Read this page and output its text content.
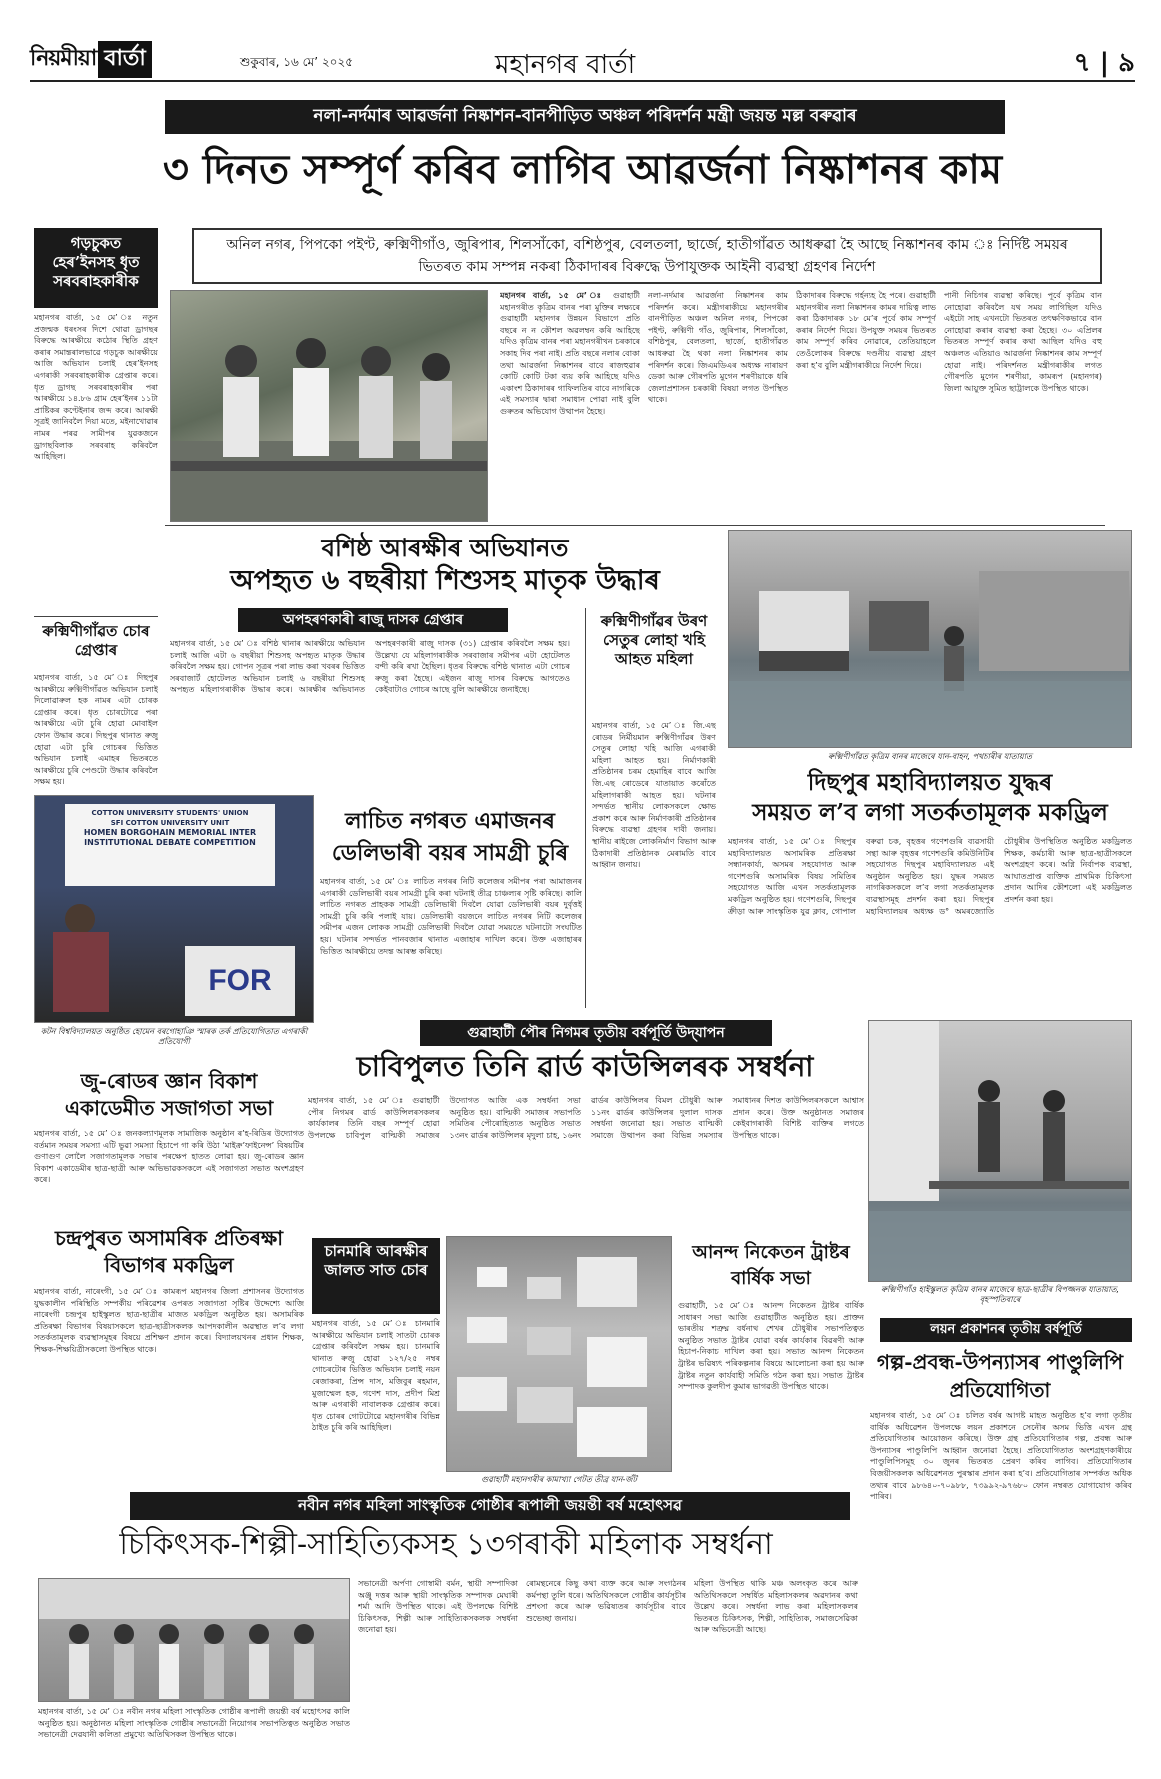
নিয়মীয়া বাৰ্তা	শুকুবাৰ, ১৬ মে’ ২০২৫	মহানগৰ বাৰ্তা	৭ | ৯
নলা-নৰ্দমাৰ আৱৰ্জনা নিষ্কাশন-বানপীড়িত অঞ্চল পৰিদৰ্শন মন্ত্ৰী জয়ন্ত মল্ল বৰুৱাৰ
৩ দিনত সম্পূৰ্ণ কৰিব লাগিব আৱৰ্জনা নিষ্কাশনৰ কাম
গড়চুকত হেৰ’ইনসহ ধৃত সৰবৰাহকাৰীক
মহানগৰ বাৰ্তা, ১৫ মে’ ঃ নতুন প্ৰজন্মক ধৰংসৰ দিশে থোৱা ড্ৰাগছৰ বিৰুদ্ধে আৰক্ষীয়ে কঠোৰ স্থিতি গ্ৰহণ কৰাৰ সমান্তৰালভাৱে গড়চুক আৰক্ষীয়ে আজি অভিযান চলাই হেৰ’ইনসহ এগৰাকী সৰবৰাহকাৰীক গ্ৰেপ্তাৰ কৰে। ধৃত ড্ৰাগছ সৰবৰাহকাৰীৰ পৰা আৰক্ষীয়ে ১৪.৮৬ গ্ৰাম হেৰ’ইনৰ ১১টা প্ৰাষ্টিকৰ কণ্টেইনাৰ জব্দ কৰে। আৰক্ষী সূত্ৰই জানিবলৈ দিয়া মতে, মইনাখোৱাৰ নামৰ পৰৱ সামীপৰ যুৱকজনে ড্ৰাগছবিলাক সৰবৰাহ কৰিবলৈ আহিছিল।
ৰুক্মিণীগাঁৱত চোৰ গ্ৰেপ্তাৰ
মহানগৰ বাৰ্তা, ১৫ মে’ ঃ দিছপুৰ আৰক্ষীয়ে ৰুক্মিণীগাঁৱত অভিযান চলাই দিলোৱাৰুল হক নামৰ এটা চোৰক গ্ৰেপ্তাৰ কৰে। ধৃত চোৰটোৱে পৰা আৰক্ষীয়ে এটা চুৰি হোৱা মোবাইল ফোন উদ্ধাৰ কৰে। দিছপুৰ থানাত ৰুজু হোৱা এটা চুৰি গোচৰৰ ভিত্তিত অভিযান চলাই এমাহৰ ভিতৰতে আৰক্ষীয়ে চুৰি পেণ্ডটো উদ্ধাৰ কৰিবলৈ সক্ষম হয়।
অনিল নগৰ, পিপকো পইণ্ট, ৰুক্মিণীগাঁও, জুৰিপাৰ, শিলসাঁকো, বশিষ্ঠপুৰ, বেলতলা, ছাৰ্জে, হাতীগাঁৱত আধৰুৱা হৈ আছে নিষ্কাশনৰ কাম ঃ নিৰ্দিষ্ট সময়ৰ ভিতৰত কাম সম্পন্ন নকৰা ঠিকাদাৰৰ বিৰুদ্ধে উপাযুক্তক আইনী ব্যৱস্থা গ্ৰহণৰ নিৰ্দেশ
মহানগৰ বাৰ্তা, ১৫ মে’ ঃ গুৱাহাটী মহানগৰীত কৃত্ৰিম বানৰ পৰা মুক্তিৰ লক্ষ্যৰে গুৱাহাটী মহানগৰ উন্নয়ন বিভাগে প্ৰতি বছৰে ন ন কৌশল অৱলম্বন কৰি আহিছে যদিও কৃত্ৰিম বানৰ পৰা মহানগৰীখন চৰকাৰে সকাহ দিব পৰা নাই। প্ৰতি বছৰে নলাৰ বোকা তথা আৱৰ্জনা নিষ্কাশনৰ বাবে ৰাজহুৱাৰ কোটি কোটি টকা ব্যয় কৰি আহিছে যদিও একাংশ ঠিকাদাৰৰ গাফিলতিৰ বাবে নাগৰিকে এই সমস্যাৰ দ্বাৰা সমাধান পোৱা নাই বুলি গুৰুতৰ অভিযোগ উত্থাপন হৈছে।
নলা-নৰ্দমাৰ আৱৰ্জনা নিষ্কাশনৰ কাম পৰিদৰ্শন কৰে। মন্ত্ৰীগৰাকীয়ে মহানগৰীৰ বানপীড়িত অঞ্চল অনিল নগৰ, পিপকো পইণ্ট, ৰুক্মিণী গাঁও, জুৰিপাৰ, শিলসাঁকো, বশিষ্ঠপুৰ, বেলতলা, ছাৰ্জে, হাতীগাঁৱত আধৰুৱা হৈ থকা নলা নিষ্কাশনৰ কাম পৰিদৰ্শন কৰে। জিএমডিএৰ অধ্যক্ষ নাৰায়ণ ডেকা আৰু গৌৰপতি মুগেন শৰণীয়াকে ধৰি জেলাপ্ৰশাসন চৰকাৰী বিষয়া লগত উপস্থিত থাকে।
ঠিকাদাৰৰ বিৰুদ্ধে গৰ্হন্যহ হৈ পৰে। গুৱাহাটী মহানগৰীৰ নলা নিষ্কাশনৰ কামৰ দায়িত্ব লাভ কৰা ঠিকাদাৰক ১৮ মে’ৰ পূৰ্বে কাম সম্পূৰ্ণ কৰাৰ নিৰ্দেশ দিয়ে। উপযুক্ত সময়ৰ ভিতৰত কাম সম্পূৰ্ণ কৰিব নোৱাৰে, তেতিয়াহলে তেওঁলোকৰ বিৰুদ্ধে দণ্ডনীয় ব্যৱস্থা গ্ৰহণ কৰা হ’ব বুলি মন্ত্ৰীগৰাকীয়ে নিৰ্দেশ দিয়ে।
পানী নিচিগৰ ব্যৱস্থা কৰিছে। পূৰ্বে কৃত্ৰিম বান নোহোৱা কৰিবলৈ যথ সময় লাগিছিল যদিও এইটো সাহ এখনটো ভিতৰত তৎক্ষণিকভাৱে বান নোহোৱা কৰাৰ ব্যৱস্থা কৰা হৈছে। ৩০ এপ্ৰিলৰ ভিতৰত সম্পূৰ্ণ কৰাৰ কথা আছিল যদিও বহু অঞ্চলত এতিয়াও আৱৰ্জনা নিষ্কাশনৰ কাম সম্পূৰ্ণ হোৱা নাই। পৰিদৰ্শনত মন্ত্ৰীগৰাকীৰ লগত গৌৰপতি মুগেন শৰণীয়া, কামৰূপ (মহানগৰ) জিলা আয়ুক্ত সুমিত ছাট্ৰালকে উপস্থিত থাকে।
বশিষ্ঠ আৰক্ষীৰ অভিযানত
অপহৃত ৬ বছৰীয়া শিশুসহ মাতৃক উদ্ধাৰ
অপহৰণকাৰী ৰাজু দাসক গ্ৰেপ্তাৰ
মহানগৰ বাৰ্তা, ১৫ মে’ ঃ বশিষ্ঠ থানাৰ আৰক্ষীয়ে অভিযান চলাই আজি এটা ৬ বছৰীয়া শিশুসহ অপহৃত মাতৃক উদ্ধাৰ কৰিবলৈ সক্ষম হয়। গোপন সূত্ৰৰ পৰা লাভ কৰা খবৰৰ ভিত্তিত সৰবাজাৰ্ট হোটেলত অভিযান চলাই ৬ বছৰীয়া শিশুসহ অপহৃত মহিলাগৰাকীক উদ্ধাৰ কৰে। আৰক্ষীৰ অভিযানত অপহৰণকাৰী ৰাজু দাসক (৩১) গ্ৰেপ্তাৰ কৰিবলৈ সক্ষম হয়। উল্লেখ্য যে মহিলাগৰাকীক সৰবাজাৰ সমীপৰ এটা হোটেলত বন্দী কৰি ৰখা হৈছিল। ধৃতৰ বিৰুদ্ধে বশিষ্ঠ থানাত এটা গোচৰ ৰুজু কৰা হৈছে। এইজন ৰাজু দাসৰ বিৰুদ্ধে আগতেও কেইবাটাও গোচৰ আছে বুলি আৰক্ষীয়ে জনাইছে।
ৰুক্মিণীগাঁৱৰ উৰণ সেতুৰ লোহা খহি আহত মহিলা
মহানগৰ বাৰ্তা, ১৫ মে’ ঃ জি.এছ ৰোডৰ নিৰ্মীয়মান ৰুক্মিণীগাঁৱৰ উৰণ সেতুৰ লোহা খহি আজি এগৰাকী মহিলা আহত হয়। নিৰ্মাণকাৰী প্ৰতিষ্ঠানৰ চৰম হেমাহিৰ বাবে আজি জি.এছ ৰোডেৰে যাতায়াত কৰোঁতে মহিলাগৰাকী আহত হয়। ঘটনাৰ সন্দৰ্ভত স্থানীয় লোকসকলে ক্ষোভ প্ৰকাশ কৰে আৰু নিৰ্মাণকাৰী প্ৰতিষ্ঠানৰ বিৰুদ্ধে ব্যৱস্থা গ্ৰহণৰ দাবী জনায়। স্থানীয় ৰাইজে লোকনিৰ্মাণ বিভাগ আৰু ঠিকাদাৰী প্ৰতিষ্ঠানক মেৰামতি বাবে আহ্বান জনায়।
ৰুক্মিণীগাঁৱত কৃত্ৰিম বানৰ মাজেৰে যান-বাহন, পথচাৰীৰ যাতায়াত
COTTON UNIVERSITY STUDENTS' UNION
SFI COTTON UNIVERSITY UNIT
HOMEN BORGOHAIN MEMORIAL INTER INSTITUTIONAL DEBATE COMPETITION
FOR
কটন বিশ্ববিদ্যালয়ত অনুষ্ঠিত হোমেন বৰগোহাঞি স্মাৰক তৰ্ক প্ৰতিযোগিতাত এগৰাকী প্ৰতিযোগী
লাচিত নগৰত এমাজনৰ ডেলিভাৰী বয়ৰ সামগ্ৰী চুৰি
মহানগৰ বাৰ্তা, ১৫ মে’ ঃ লাচিত নগৰৰ নিটি কলেজৰ সমীপৰ পৰা আমাজনৰ এগৰাকী ডেলিভাৰী বয়ৰ সামগ্ৰী চুৰি কৰা ঘটনাই তীব্ৰ চাঞ্চল্যৰ সৃষ্টি কৰিছে। কালি লাচিত নগৰত প্ৰাহকক সামগ্ৰী ডেলিভাৰী দিবলৈ যোৱা ডেলিভাৰী বয়ৰ দুৰ্বৃত্তই সামগ্ৰী চুৰি কৰি পলাই যায়। ডেলিভাৰী বয়জনে লাচিত নগৰৰ নিটি কলেজৰ সমীপৰ এজন লোকক সামগ্ৰী ডেলিভাৰী দিবলৈ যোৱা সময়তে ঘটনাটো সংঘটিত হয়। ঘটনাৰ সন্দৰ্ভত পানবজাৰ থানাত এজাহাৰ দাখিল কৰে। উক্ত এজাহাৰৰ ভিত্তিত আৰক্ষীয়ে তদন্ত আৰম্ভ কৰিছে।
দিছপুৰ মহাবিদ্যালয়ত যুদ্ধৰ
সময়ত ল’ব লগা সতৰ্কতামূলক মকড্ৰিল
মহানগৰ বাৰ্তা, ১৫ মে’ ঃ দিছপুৰ মহাবিদ্যালয়ত অসামৰিক প্ৰতিৰক্ষা সন্ধানকাৰ্য্য, অসমৰ সহযোগত আৰু গণেশগুৰি অসামৰিক বিষয় সমিতিৰ সহযোগত আজি এখন সতৰ্কতামূলক মকড্ৰিল অনুষ্ঠিত হয়। গণেশগুৰি, দিছপুৰ ক্ৰীড়া আৰু সাংস্কৃতিক যুৱ ক্লাব, গোপাল বৰুৱা চক, বৃহত্তৰ গণেশগুৰি ব্যৱসায়ী সন্থা আৰু বৃহত্তৰ গণেশগুৰি কমিউনিটিৰ সহযোগত দিছপুৰ মহাবিদ্যালয়ত এই অনুষ্ঠান অনুষ্ঠিত হয়। যুদ্ধৰ সময়ত নাগৰিকসকলে ল’ব লগা সতৰ্কতামূলক ব্যৱস্থাসমূহ প্ৰদৰ্শন কৰা হয়। দিছপুৰ মহাবিদ্যালয়ৰ অধ্যক্ষ ড° অমৰজ্যোতি চৌধুৰীৰ উপস্থিতিত অনুষ্ঠিত মকড্ৰিলত শিক্ষক, কৰ্মচাৰী আৰু ছাত্ৰ-ছাত্ৰীসকলে অংশগ্ৰহণ কৰে। অগ্নি নিৰ্বাপক ব্যৱস্থা, আঘাতপ্ৰাপ্ত ব্যক্তিক প্ৰাথমিক চিকিৎসা প্ৰদান আদিৰ কৌশলো এই মকড্ৰিলত প্ৰদৰ্শন কৰা হয়।
গুৱাহাটী পৌৰ নিগমৰ তৃতীয় বৰ্ষপূৰ্তি উদ্‌যাপন
চাবিপুলত তিনি ৱাৰ্ড কাউন্সিলৰক সম্বৰ্ধনা
মহানগৰ বাৰ্তা, ১৫ মে’ ঃ গুৱাহাটী পৌৰ নিগমৰ ৱাৰ্ড কাউন্সিলৰসকলৰ কাৰ্যকালৰ তিনি বছৰ সম্পূৰ্ণ হোৱা উপলক্ষে চাবিপুল বাল্মিকী সমাজৰ উদ্যোগত আজি এক সম্বৰ্ধনা সভা অনুষ্ঠিত হয়। বাল্মিকী সমাজৰ সভাপতি সমিতিৰ পৌৰোহিত্যত অনুষ্ঠিত সভাত ১৩নং ৱাৰ্ডৰ কাউন্সিলৰ মৃদুলা চাহ, ১৬নং ৱাৰ্ডৰ কাউন্সিলৰ বিমল চৌধুৰী আৰু ১১নং ৱাৰ্ডৰ কাউন্সিলৰ দুলাল দাসক সম্বৰ্ধনা জনোৱা হয়। সভাত বাল্মিকী সমাজে উত্থাপন কৰা বিভিন্ন সমস্যাৰ সমাধানৰ দিশত কাউন্সিলৰসকলে আশ্বাস প্ৰদান কৰে। উক্ত অনুষ্ঠানত সমাজৰ কেইবাগৰাকী বিশিষ্ট ব্যক্তিৰ লগতে উপস্থিত থাকে।
ৰুক্মিণীগাঁও হাইস্কুলত কৃত্ৰিম বানৰ মাজেৰে ছাত্ৰ-ছাত্ৰীৰ বিপজ্জনক যাতায়াত, বৃহস্পতিবাৰে
জু-ৰোডৰ জ্ঞান বিকাশ একাডেমীত সজাগতা সভা
মহানগৰ বাৰ্তা, ১৫ মে’ ঃ জনকল্যাণমূলক সামাজিক অনুষ্ঠান ৰ’হ-ৰিডিৰ উদ্যোগত বৰ্তমান সময়ৰ সমস্যা এটি ভুৱা সমস্যা হিচাপে গা কৰি উঠা ‘মাইক্ৰ’ফাইনেন্স’ বিষয়টিৰ গুণাগুণ লোলৈ সজাগতামূলক সভাৰ পৰক্ষেপ হাতত লোৱা হয়। জু-ৰোডৰ জ্ঞান বিকাশ একাডেমীৰ ছাত্ৰ-ছাত্ৰী আৰু অভিভাৱকসকলে এই সজাগতা সভাত অংশগ্ৰহণ কৰে।
চন্দ্ৰপুৰত অসামৰিক প্ৰতিৰক্ষা বিভাগৰ মকড্ৰিল
মহানগৰ বাৰ্তা, নাৰেংগী, ১৫ মে’ ঃ কামৰূপ মহানগৰ জিলা প্ৰশাসনৰ উদ্যোগত যুদ্ধকালীন পৰিস্থিতি সম্পৰ্কীয় পৰিৱেশৰ ওপৰত সজাগতা সৃষ্টিৰ উদ্দেশ্যে আজি নাৰেংগী চন্দ্ৰপুৰ হাইস্কুলত ছাত্ৰ-ছাত্ৰীৰ মাজত মকড্ৰিল অনুষ্ঠিত হয়। অসামৰিক প্ৰতিৰক্ষা বিভাগৰ বিষয়াসকলে ছাত্ৰ-ছাত্ৰীসকলক আপদকালীন অৱস্থাত ল’ব লগা সতৰ্কতামূলক ব্যৱস্থাসমূহৰ বিষয়ে প্ৰশিক্ষণ প্ৰদান কৰে। বিদ্যালয়খনৰ প্ৰধান শিক্ষক, শিক্ষক-শিক্ষয়িত্ৰীসকলো উপস্থিত থাকে।
চানমাৰি আৰক্ষীৰ জালত সাত চোৰ
মহানগৰ বাৰ্তা, ১৫ মে’ ঃ চানমাৰি আৰক্ষীয়ে অভিযান চলাই সাতটা চোৰক গ্ৰেপ্তাৰ কৰিবলৈ সক্ষম হয়। চানমাৰি থানাত ৰুজু হোৱা ১২৭/২৫ নম্বৰ গোচৰটোৰ ভিত্তিত অভিযান চলাই নয়ন ৰেজাকৰা, প্ৰিন্স দাস, মজিবুৰ ৰহমান, মুজাম্মেল হক, গণেশ দাস, প্ৰদীপ মিশ্ৰ আৰু এগৰাকী নাবালকক গ্ৰেপ্তাৰ কৰে। ধৃত চোৰৰ গোটটোৱে মহানগৰীৰ বিভিন্ন ঠাইত চুৰি কৰি আহিছিল।
গুৱাহাটী মহানগৰীৰ কামাখ্যা গেটত তীব্ৰ যান-জঁট
আনন্দ নিকেতন ট্ৰাষ্টৰ বাৰ্ষিক সভা
গুৱাহাটী, ১৫ মে’ ঃ আনন্দ নিকেতন ট্ৰাষ্টৰ বাৰ্ষিক সাধাৰণ সভা আজি গুৱাহাটীত অনুষ্ঠিত হয়। প্ৰাক্তন ভাৰতীয় শত্ৰুঘ্ন বৰ্ধনাথ শেখৰ চৌধুৰীৰ সভাপতিত্বত অনুষ্ঠিত সভাত ট্ৰাষ্টৰ যোৱা বৰ্ষৰ কাৰ্যকাৰ বিৱৰণী আৰু হিচাপ-নিকাচ দাখিল কৰা হয়। সভাত আনন্দ নিকেতন ট্ৰাষ্টৰ ভৱিষ্যৎ পৰিকল্পনাৰ বিষয়ে আলোচনা কৰা হয় আৰু ট্ৰাষ্টৰ নতুন কাৰ্যবাহী সমিতি গঠন কৰা হয়। সভাত ট্ৰাষ্টৰ সম্পাদক কুলদীপ কুমাৰ ভাগৱতী উপস্থিত থাকে।
লয়ন প্ৰকাশনৰ তৃতীয় বৰ্ষপূৰ্তি
গল্প-প্ৰবন্ধ-উপন্যাসৰ পাণ্ডুলিপি প্ৰতিযোগিতা
মহানগৰ বাৰ্তা, ১৫ মে’ ঃ চলিত বৰ্ষৰ আগষ্ট মাহত অনুষ্ঠিত হ’ব লগা তৃতীয় বাৰ্ষিক অধিৱেশন উপলক্ষে লয়ন প্ৰকাশনে সেনৌৰ অসম ভিত্তি এখন গ্ৰন্থ প্ৰতিযোগিতাৰ আয়োজন কৰিছে। উক্ত গ্ৰন্থ প্ৰতিযোগিতাৰ গল্প, প্ৰবন্ধ আৰু উপন্যাসৰ পাণ্ডুলিপি আহ্বান জনোৱা হৈছে। প্ৰতিযোগিতাত অংশগ্ৰহণকাৰীয়ে পাণ্ডুলিপিসমূহ ৩০ জুনৰ ভিতৰত প্ৰেৰণ কৰিব লাগিব। প্ৰতিযোগিতাৰ বিজয়ীসকলক অধিৱেশনত পুৰস্কাৰ প্ৰদান কৰা হ’ব। প্ৰতিযোগিতাৰ সম্পৰ্কত অধিক তথ্যৰ বাবে ৯৮৬৪০-৭০৯৮৮, ৭৩৯৯২-৯৭৬৮০ ফোন নম্বৰত যোগাযোগ কৰিব পাৰিব।
নবীন নগৰ মহিলা সাংস্কৃতিক গোষ্ঠীৰ ৰূপালী জয়ন্তী বৰ্ষ মহোৎসৱ
চিকিৎসক-শিল্পী-সাহিত্যিকসহ ১৩গৰাকী মহিলাক সম্বৰ্ধনা
মহানগৰ বাৰ্তা, ১৫ মে’ ঃ নবীন নগৰ মহিলা সাংস্কৃতিক গোষ্ঠীৰ ৰূপালী জয়ন্তী বৰ্ষ মহোৎসৱ কালি অনুষ্ঠিত হয়। অনুষ্ঠানত মহিলা সাংস্কৃতিক গোষ্ঠীৰ সভানেত্ৰী নিয়োগৰ সভাপতিত্বত অনুষ্ঠিত সভাত সভানেত্ৰী দেৱযানী কলিতা প্ৰমুখ্যে অতিথিসকল উপস্থিত থাকে।
সভানেত্ৰী অৰ্পণা গোস্বামী বৰ্মন, স্থায়ী সম্পাদিকা অঞ্জু দত্তৰ আৰু স্থায়ী সাংস্কৃতিক সম্পাদক মেঘাৰী শৰ্মা আদি উপস্থিত থাকে। এই উপলক্ষে বিশিষ্ট চিকিৎসক, শিল্পী আৰু সাহিত্যিকসকলক সম্বৰ্ধনা জনোৱা হয়।
ৰোমন্থনেৰে কিছু কথা ব্যক্ত কৰে আৰু সংগঠনৰ কৰ্মপন্থা তুলি ধৰে। অতিথিসকলে গোষ্ঠীৰ কাৰ্যসূচীৰ প্ৰশংসা কৰে আৰু ভৱিষ্যতৰ কাৰ্যসূচীৰ বাবে শুভেচ্ছা জনায়।
মহিলা উপস্থিত থাকি মঞ্চ অলংকৃত কৰে আৰু অতিথিসকলে সম্বৰ্ধিত মহিলাসকলৰ অৱদানৰ কথা উল্লেখ কৰে। সম্বৰ্ধনা লাভ কৰা মহিলাসকলৰ ভিতৰত চিকিৎসক, শিল্পী, সাহিত্যিক, সমাজসেৱিকা আৰু অভিনেত্ৰী আছে।
